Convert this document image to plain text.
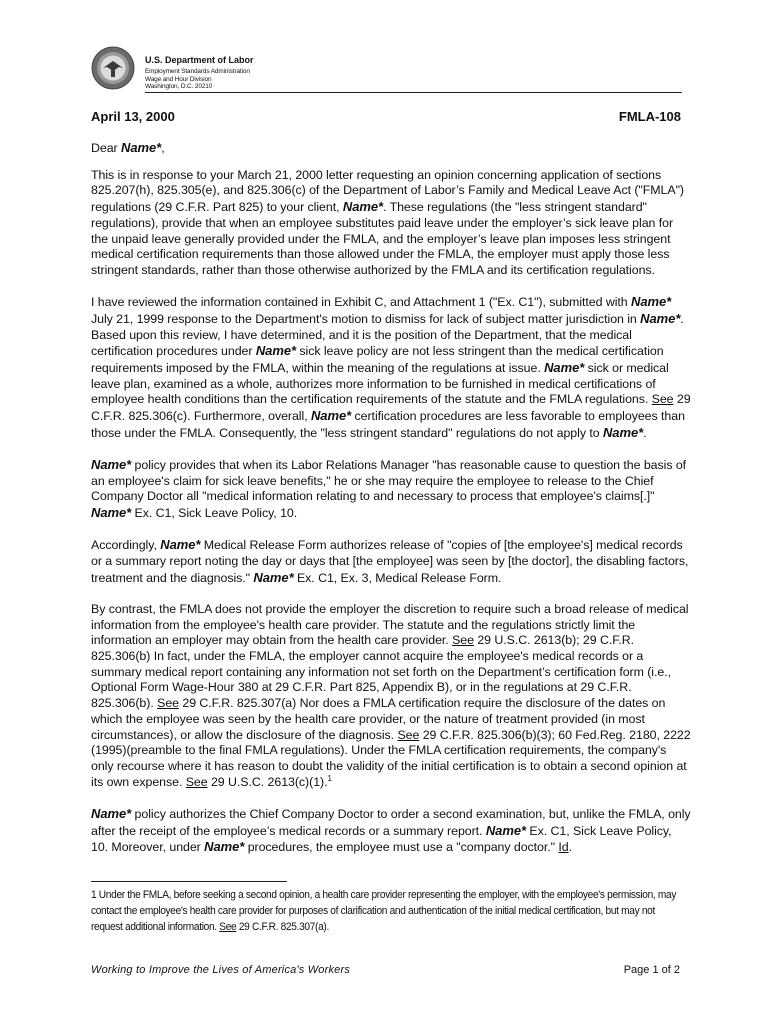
U.S. Department of Labor
Employment Standards Administration
Wage and Hour Division
Washington, D.C. 20210
April 13, 2000	FMLA-108

Dear Name*,

This is in response to your March 21, 2000 letter requesting an opinion concerning application of sections 825.207(h), 825.305(e), and 825.306(c) of the Department of Labor’s Family and Medical Leave Act ("FMLA") regulations (29 C.F.R. Part 825) to your client, Name*. These regulations (the "less stringent standard" regulations), provide that when an employee substitutes paid leave under the employer’s sick leave plan for the unpaid leave generally provided under the FMLA, and the employer’s leave plan imposes less stringent medical certification requirements than those allowed under the FMLA, the employer must apply those less stringent standards, rather than those otherwise authorized by the FMLA and its certification regulations.

I have reviewed the information contained in Exhibit C, and Attachment 1 ("Ex. C1"), submitted with Name* July 21, 1999 response to the Department's motion to dismiss for lack of subject matter jurisdiction in Name*. Based upon this review, I have determined, and it is the position of the Department, that the medical certification procedures under Name* sick leave policy are not less stringent than the medical certification requirements imposed by the FMLA, within the meaning of the regulations at issue. Name* sick or medical leave plan, examined as a whole, authorizes more information to be furnished in medical certifications of employee health conditions than the certification requirements of the statute and the FMLA regulations. See 29 C.F.R. 825.306(c). Furthermore, overall, Name* certification procedures are less favorable to employees than those under the FMLA. Consequently, the "less stringent standard" regulations do not apply to Name*.

Name* policy provides that when its Labor Relations Manager "has reasonable cause to question the basis of an employee's claim for sick leave benefits," he or she may require the employee to release to the Chief Company Doctor all "medical information relating to and necessary to process that employee's claims[.]" Name* Ex. C1, Sick Leave Policy, 10.

Accordingly, Name* Medical Release Form authorizes release of "copies of [the employee's] medical records or a summary report noting the day or days that [the employee] was seen by [the doctor], the disabling factors, treatment and the diagnosis." Name* Ex. C1, Ex. 3, Medical Release Form.

By contrast, the FMLA does not provide the employer the discretion to require such a broad release of medical information from the employee's health care provider. The statute and the regulations strictly limit the information an employer may obtain from the health care provider. See 29 U.S.C. 2613(b); 29 C.F.R. 825.306(b) In fact, under the FMLA, the employer cannot acquire the employee's medical records or a summary medical report containing any information not set forth on the Department’s certification form (i.e., Optional Form Wage-Hour 380 at 29 C.F.R. Part 825, Appendix B), or in the regulations at 29 C.F.R. 825.306(b). See 29 C.F.R. 825.307(a) Nor does a FMLA certification require the disclosure of the dates on which the employee was seen by the health care provider, or the nature of treatment provided (in most circumstances), or allow the disclosure of the diagnosis. See 29 C.F.R. 825.306(b)(3); 60 Fed.Reg. 2180, 2222 (1995)(preamble to the final FMLA regulations). Under the FMLA certification requirements, the company's only recourse where it has reason to doubt the validity of the initial certification is to obtain a second opinion at its own expense. See 29 U.S.C. 2613(c)(1).$^1$

Name* policy authorizes the Chief Company Doctor to order a second examination, but, unlike the FMLA, only after the receipt of the employee’s medical records or a summary report. Name* Ex. C1, Sick Leave Policy, 10. Moreover, under Name* procedures, the employee must use a "company doctor." Id.

1 Under the FMLA, before seeking a second opinion, a health care provider representing the employer, with the employee's permission, may contact the employee's health care provider for purposes of clarification and authentication of the initial medical certification, but may not request additional information. See 29 C.F.R. 825.307(a).
Working to Improve the Lives of America's Workers	Page 1 of 2
